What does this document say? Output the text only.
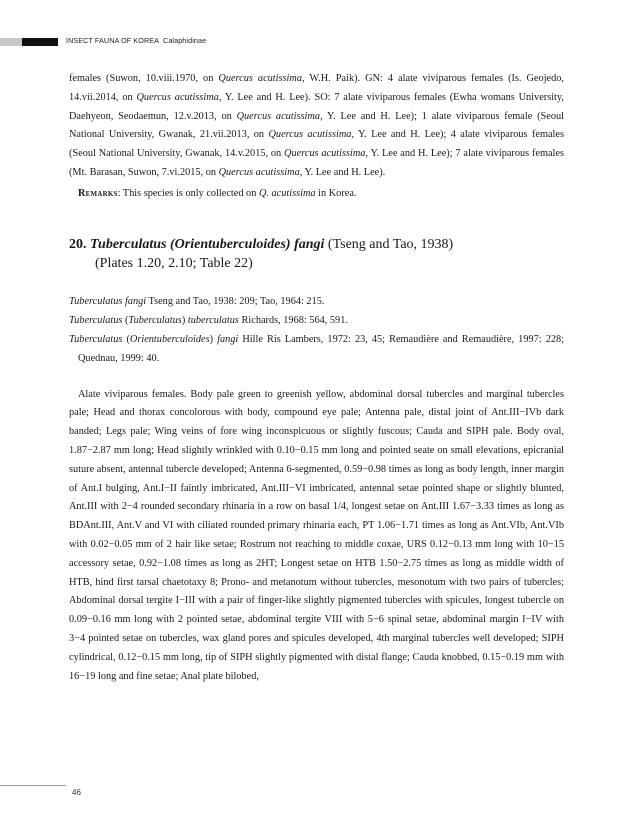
INSECT FAUNA OF KOREA Calaphidinae

females (Suwon, 10.viii.1970, on Quercus acutissima, W.H. Paik). GN: 4 alate viviparous females (Is. Geojedo, 14.vii.2014, on Quercus acutissima, Y. Lee and H. Lee). SO: 7 alate viviparous females (Ewha womans University, Daehyeon, Seodaemun, 12.v.2013, on Quercus acutissima, Y. Lee and H. Lee); 1 alate viviparous female (Seoul National University, Gwanak, 21.vii.2013, on Quercus acutissima, Y. Lee and H. Lee); 4 alate viviparous females (Seoul National University, Gwanak, 14.v.2015, on Quercus acutissima, Y. Lee and H. Lee); 7 alate viviparous females (Mt. Barasan, Suwon, 7.vi.2015, on Quercus acutissima, Y. Lee and H. Lee).

Remarks: This species is only collected on Q. acutissima in Korea.

20. Tuberculatus (Orientuberculoides) fangi (Tseng and Tao, 1938)
(Plates 1.20, 2.10; Table 22)

Tuberculatus fangi Tseng and Tao, 1938: 209; Tao, 1964: 215.

Tuberculatus (Tuberculatus) tuberculatus Richards, 1968: 564, 591.

Tuberculatus (Orientuberculoides) fangi Hille Ris Lambers, 1972: 23, 45; Remaudière and Remaudière, 1997: 228; Quednau, 1999: 40.

Alate viviparous females. Body pale green to greenish yellow, abdominal dorsal tubercles and marginal tubercles pale; Head and thorax concolorous with body, compound eye pale; Antenna pale, distal joint of Ant.III−IVb dark banded; Legs pale; Wing veins of fore wing inconspicuous or slightly fuscous; Cauda and SIPH pale. Body oval, 1.87−2.87 mm long; Head slightly wrinkled with 0.10−0.15 mm long and pointed seate on small elevations, epicranial suture absent, antennal tubercle developed; Antenna 6-segmented, 0.59−0.98 times as long as body length, inner margin of Ant.I bulging, Ant.I−II faintly imbricated, Ant.III−VI imbricated, antennal setae pointed shape or slightly blunted, Ant.III with 2−4 rounded secondary rhinaria in a row on basal 1/4, longest setae on Ant.III 1.67−3.33 times as long as BDAnt.III, Ant.V and VI with ciliated rounded primary rhinaria each, PT 1.06−1.71 times as long as Ant.VIb, Ant.VIb with 0.02−0.05 mm of 2 hair like setae; Rostrum not reaching to middle coxae, URS 0.12−0.13 mm long with 10−15 accessory setae, 0.92−1.08 times as long as 2HT; Longest setae on HTB 1.50−2.75 times as long as middle width of HTB, hind first tarsal chaetotaxy 8; Prono- and metanotum without tubercles, mesonotum with two pairs of tubercles; Abdominal dorsal tergite I−III with a pair of finger-like slightly pigmented tubercles with spicules, longest tubercle on 0.09−0.16 mm long with 2 pointed setae, abdominal tergite VIII with 5−6 spinal setae, abdominal margin I−IV with 3−4 pointed setae on tubercles, wax gland pores and spicules developed, 4th marginal tubercles well developed; SIPH cylindrical, 0.12−0.15 mm long, tip of SIPH slightly pigmented with distal flange; Cauda knobbed, 0.15−0.19 mm with 16−19 long and fine setae; Anal plate bilobed,

46
